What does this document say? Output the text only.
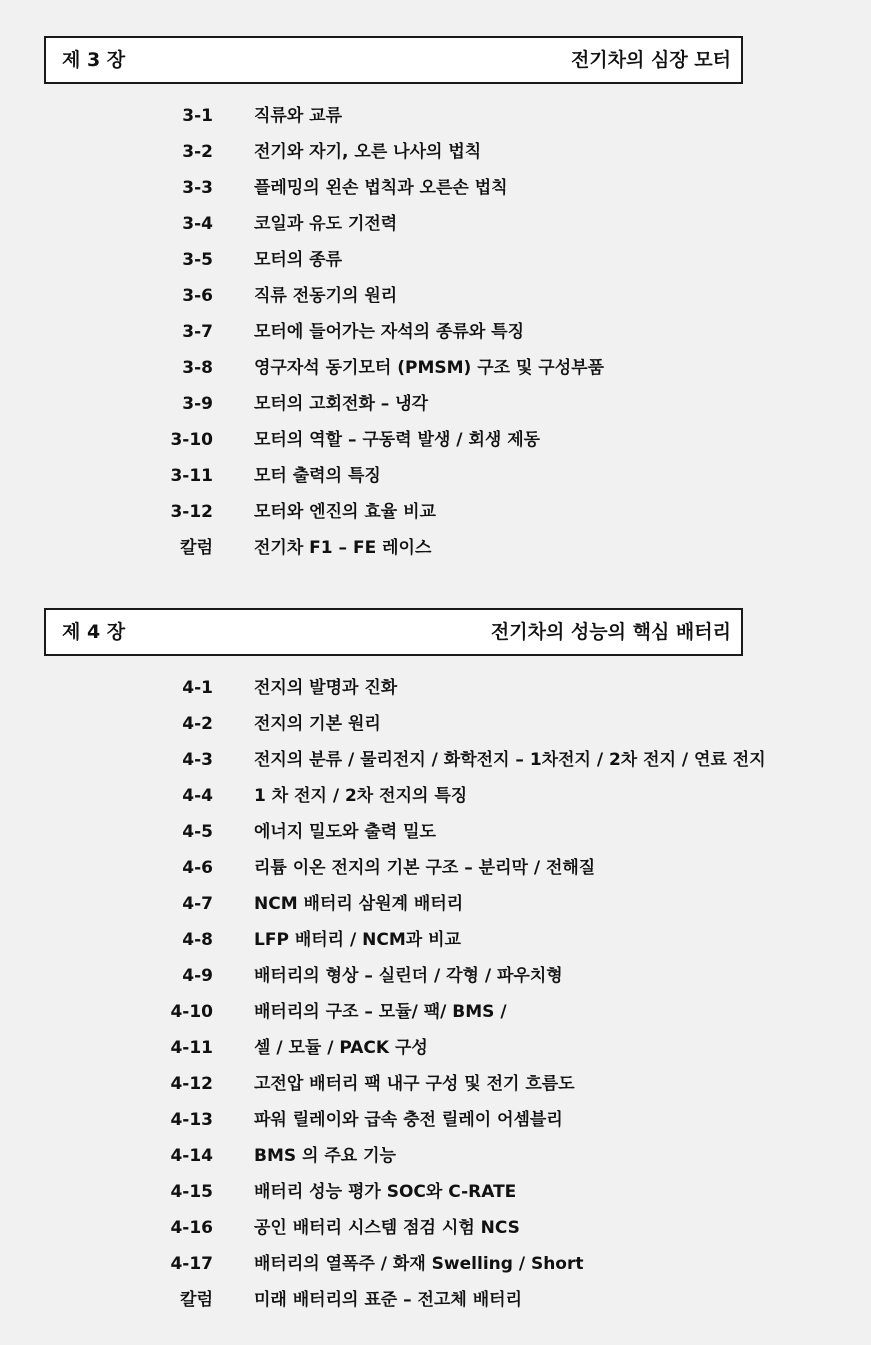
제 3 장	전기차의 심장 모터
3-1 직류와 교류
3-2 전기와 자기, 오른 나사의 법칙
3-3 플레밍의 왼손 법칙과 오른손 법칙
3-4 코일과 유도 기전력
3-5 모터의 종류
3-6 직류 전동기의 원리
3-7 모터에 들어가는 자석의 종류와 특징
3-8 영구자석 동기모터 (PMSM) 구조 및 구성부품
3-9 모터의 고회전화 – 냉각
3-10 모터의 역할 – 구동력 발생 / 회생 제동
3-11 모터 출력의 특징
3-12 모터와 엔진의 효율 비교
칼럼 전기차 F1 – FE 레이스
제 4 장	전기차의 성능의 핵심 배터리
4-1 전지의 발명과 진화
4-2 전지의 기본 원리
4-3 전지의 분류 / 물리전지 / 화학전지 – 1차전지 / 2차 전지 / 연료 전지
4-4 1 차 전지 / 2차 전지의 특징
4-5 에너지 밀도와 출력 밀도
4-6 리튬 이온 전지의 기본 구조 – 분리막 / 전해질
4-7 NCM 배터리 삼원계 배터리
4-8 LFP 배터리 / NCM과 비교
4-9 배터리의 형상 – 실린더 / 각형 / 파우치형
4-10 배터리의 구조 – 모듈/ 팩/ BMS /
4-11 셀 / 모듈 / PACK 구성
4-12 고전압 배터리 팩 내구 구성 및 전기 흐름도
4-13 파워 릴레이와 급속 충전 릴레이 어셈블리
4-14 BMS 의 주요 기능
4-15 배터리 성능 평가 SOC와 C-RATE
4-16 공인 배터리 시스템 점검 시험 NCS
4-17 배터리의 열폭주 / 화재 Swelling / Short
칼럼 미래 배터리의 표준 – 전고체 배터리
